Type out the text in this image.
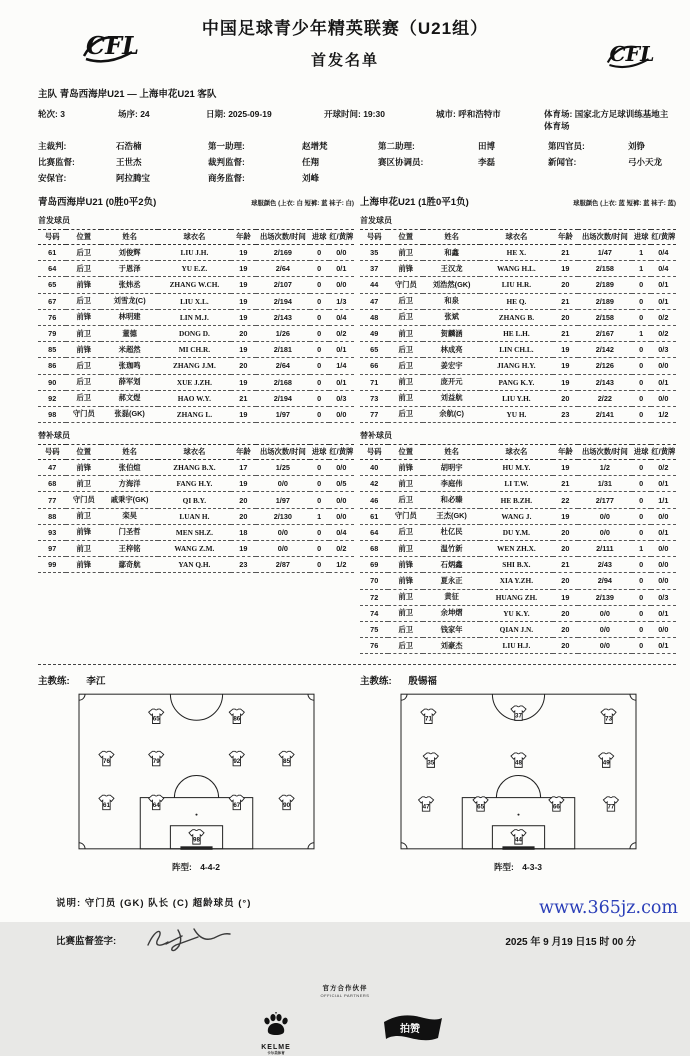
CFL	CFL
中国足球青少年精英联赛（U21组）
首发名单
主队 青岛西海岸U21 — 上海申花U21 客队
轮次: 3	场序: 24	日期: 2025-09-19	开球时间: 19:30	城市: 呼和浩特市	体育场: 国家北方足球训练基地主体育场
主裁判:	石浩楠	第一助理:	赵增梵	第二助理:	田博	第四官员:	刘铮
比赛监督:	王世杰	裁判监督:	任翔	赛区协调员:	李磊	新闻官:	弓小天龙
安保官:	阿拉腾宝	商务监督:	刘峰
青岛西海岸U21 (0胜0平2负)	球服颜色 (上衣: 白 短裤: 蓝 袜子: 白)
首发球员
号码	位置	姓名	球衣名	年龄	出场次数/时间	进球	红/黄牌
61	后卫	刘俊辉	LIU J.H.	19	2/169	0	0/0
64	后卫	于恩泽	YU E.Z.	19	2/64	0	0/1
65	前锋	张炜丞	ZHANG W.CH.	19	2/107	0	0/0
67	后卫	刘雪龙(C)	LIU X.L.	19	2/194	0	1/3
76	前锋	林明建	LIN M.J.	19	2/143	0	0/4
79	前卫	董德	DONG D.	20	1/26	0	0/2
85	前锋	米超然	MI CH.R.	19	2/181	0	0/1
86	后卫	张珈鸣	ZHANG J.M.	20	2/64	0	1/4
90	后卫	薛军划	XUE J.ZH.	19	2/168	0	0/1
92	后卫	郝文煜	HAO W.Y.	21	2/194	0	0/3
98	守门员	张磊(GK)	ZHANG L.	19	1/97	0	0/0
替补球员
号码	位置	姓名	球衣名	年龄	出场次数/时间	进球	红/黄牌
47	前锋	张伯煊	ZHANG B.X.	17	1/25	0	0/0
68	前卫	方海洋	FANG H.Y.	19	0/0	0	0/5
77	守门员	戚秉宇(GK)	QI B.Y.	20	1/97	0	0/0
88	前卫	栾昊	LUAN H.	20	2/130	1	0/0
93	前锋	门圣哲	MEN SH.Z.	18	0/0	0	0/4
97	前卫	王梓铭	WANG Z.M.	19	0/0	0	0/2
99	前锋	鄢奇航	YAN Q.H.	23	2/87	0	1/2
上海申花U21 (1胜0平1负)	球服颜色 (上衣: 蓝 短裤: 蓝 袜子: 蓝)
首发球员
号码	位置	姓名	球衣名	年龄	出场次数/时间	进球	红/黄牌
35	前卫	和鑫	HE X.	21	1/47	1	0/4
37	前锋	王汉龙	WANG H.L.	19	2/158	1	0/4
44	守门员	刘浩然(GK)	LIU H.R.	20	2/189	0	0/1
47	后卫	和泉	HE Q.	21	2/189	0	0/1
48	后卫	张斌	ZHANG B.	20	2/158	0	0/2
49	前卫	贺麟涵	HE L.H.	21	2/167	1	0/2
65	后卫	林成亮	LIN CH.L.	19	2/142	0	0/3
66	后卫	姜宏宇	JIANG H.Y.	19	2/126	0	0/0
71	前卫	庞开元	PANG K.Y.	19	2/143	0	0/1
73	前卫	刘益航	LIU Y.H.	20	2/22	0	0/0
77	后卫	余航(C)	YU H.	23	2/141	0	1/2
替补球员
号码	位置	姓名	球衣名	年龄	出场次数/时间	进球	红/黄牌
40	前锋	胡明宇	HU M.Y.	19	1/2	0	0/2
42	前卫	李庭伟	LI T.W.	21	1/31	0	0/1
46	后卫	和必臻	HE B.ZH.	22	2/177	0	1/1
61	守门员	王杰(GK)	WANG J.	19	0/0	0	0/0
64	后卫	杜亿民	DU Y.M.	20	0/0	0	0/1
68	前卫	温竹新	WEN ZH.X.	20	2/111	1	0/0
69	前锋	石炳鑫	SHI B.X.	21	2/43	0	0/0
70	前锋	夏永正	XIA Y.ZH.	20	2/94	0	0/0
72	前卫	黄征	HUANG ZH.	19	2/139	0	0/3
74	前卫	余坤熠	YU K.Y.	20	0/0	0	0/1
75	后卫	钱家年	QIAN J.N.	20	0/0	0	0/0
76	后卫	刘豪杰	LIU H.J.	20	0/0	0	0/1
主教练: 李江
65	86
76	79	92	85
61	64	67	90
98
阵型: 4-4-2
主教练: 殷锡福
71	37	73
35	48	49
47	65	66	77
44
阵型: 4-3-3
说明: 守门员 (GK) 队长 (C) 超龄球员 (°)
比赛监督签字:	2025 年 9 月19 日15 时 00 分
官方合作伙伴
OFFICIAL PARTNERS
KELME
卡尔美体育
拍赞
www.365jz.com
